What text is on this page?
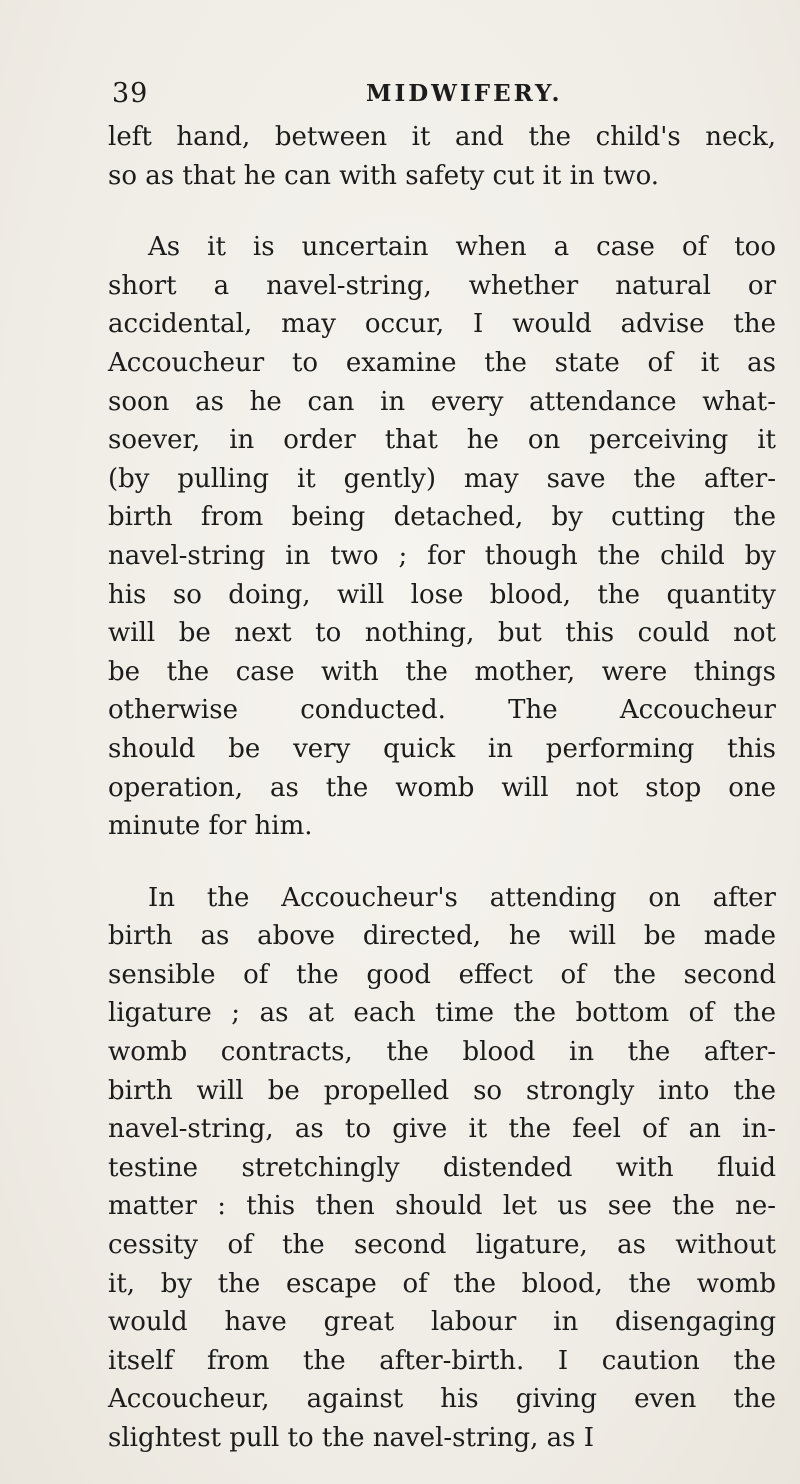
39	MIDWIFERY.
left hand, between it and the child's neck,
so as that he can with safety cut it in two.
As it is uncertain when a case of too
short a navel-string, whether natural or
accidental, may occur, I would advise the
Accoucheur to examine the state of it as
soon as he can in every attendance what-
soever, in order that he on perceiving it
(by pulling it gently) may save the after-
birth from being detached, by cutting the
navel-string in two ; for though the child by
his so doing, will lose blood, the quantity
will be next to nothing, but this could not
be the case with the mother, were things
otherwise conducted. The Accoucheur
should be very quick in performing this
operation, as the womb will not stop one
minute for him.
In the Accoucheur's attending on after
birth as above directed, he will be made
sensible of the good effect of the second
ligature ; as at each time the bottom of the
womb contracts, the blood in the after-
birth will be propelled so strongly into the
navel-string, as to give it the feel of an in-
testine stretchingly distended with fluid
matter : this then should let us see the ne-
cessity of the second ligature, as without
it, by the escape of the blood, the womb
would have great labour in disengaging
itself from the after-birth. I caution the
Accoucheur, against his giving even the
slightest pull to the navel-string, as I
